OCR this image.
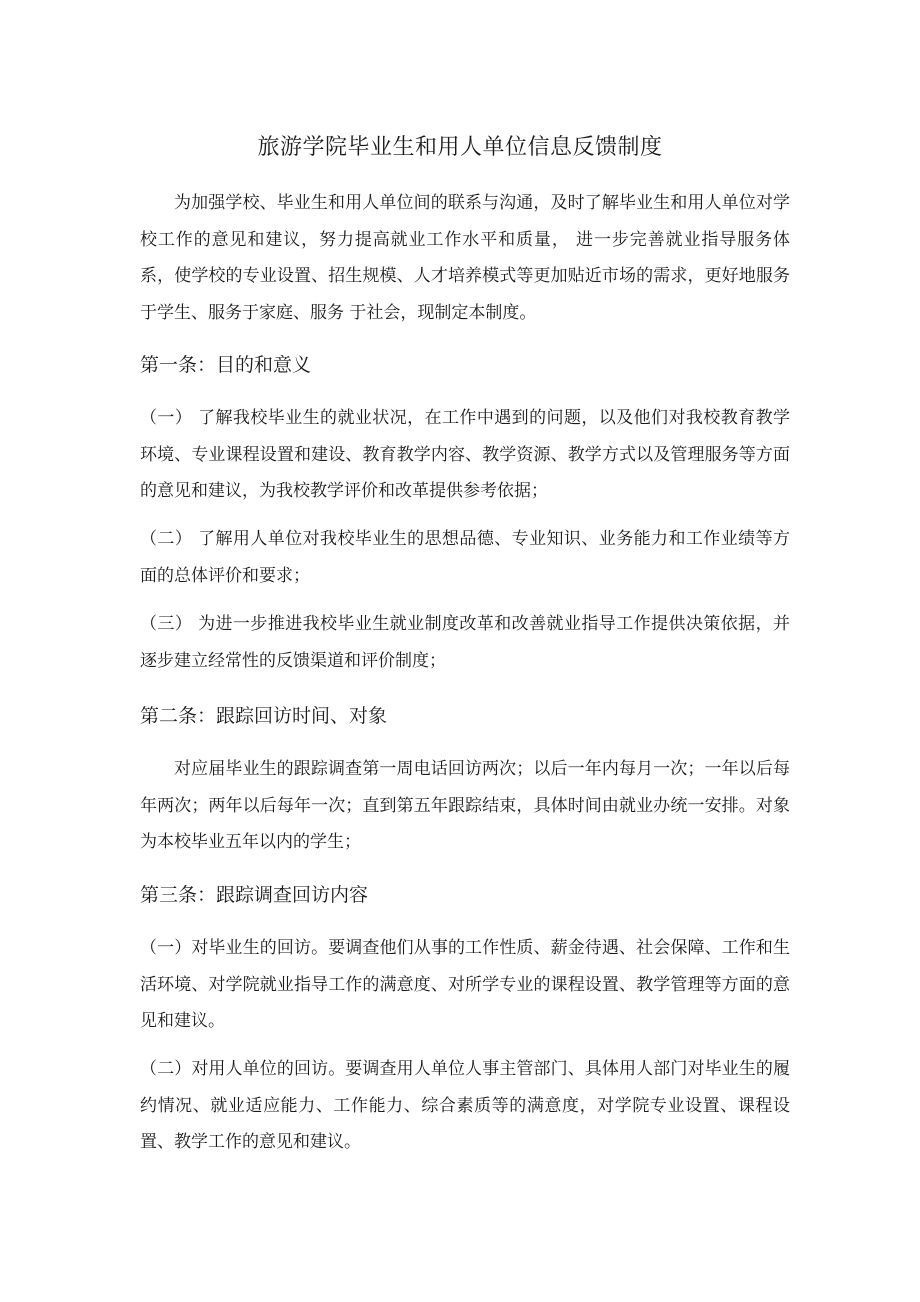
旅游学院毕业生和用人单位信息反馈制度

为加强学校、毕业生和用人单位间的联系与沟通，及时了解毕业生和用人单位对学校工作的意见和建议，努力提高就业工作水平和质量， 进一步完善就业指导服务体系，使学校的专业设置、招生规模、人才培养模式等更加贴近市场的需求，更好地服务于学生、服务于家庭、服务 于社会，现制定本制度。

第一条：目的和意义

（一） 了解我校毕业生的就业状况，在工作中遇到的问题，以及他们对我校教育教学环境、专业课程设置和建设、教育教学内容、教学资源、教学方式以及管理服务等方面的意见和建议，为我校教学评价和改革提供参考依据；

（二） 了解用人单位对我校毕业生的思想品德、专业知识、业务能力和工作业绩等方面的总体评价和要求；

（三） 为进一步推进我校毕业生就业制度改革和改善就业指导工作提供决策依据，并逐步建立经常性的反馈渠道和评价制度；

第二条：跟踪回访时间、对象

对应届毕业生的跟踪调查第一周电话回访两次；以后一年内每月一次；一年以后每年两次；两年以后每年一次；直到第五年跟踪结束，具体时间由就业办统一安排。对象为本校毕业五年以内的学生；

第三条：跟踪调查回访内容

（一）对毕业生的回访。要调查他们从事的工作性质、薪金待遇、社会保障、工作和生活环境、对学院就业指导工作的满意度、对所学专业的课程设置、教学管理等方面的意见和建议。

（二）对用人单位的回访。要调查用人单位人事主管部门、具体用人部门对毕业生的履约情况、就业适应能力、工作能力、综合素质等的满意度，对学院专业设置、课程设置、教学工作的意见和建议。
